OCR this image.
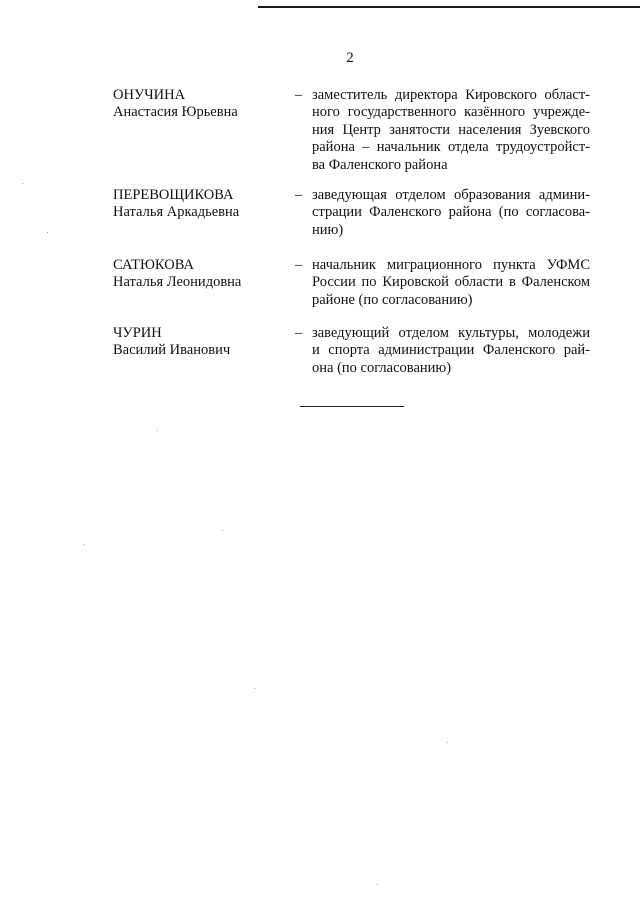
2
ОНУЧИНА
Анастасия Юрьевна
– заместитель директора Кировского област-
ного государственного казённого учрежде-
ния Центр занятости населения Зуевского
района – начальник отдела трудоустройст-
ва Фаленского района
ПЕРЕВОЩИКОВА
Наталья Аркадьевна
– заведующая отделом образования админи-
страции Фаленского района (по согласова-
нию)
САТЮКОВА
Наталья Леонидовна
– начальник миграционного пункта УФМС
России по Кировской области в Фаленском
районе (по согласованию)
ЧУРИН
Василий Иванович
– заведующий отделом культуры, молодежи
и спорта администрации Фаленского рай-
она (по согласованию)
